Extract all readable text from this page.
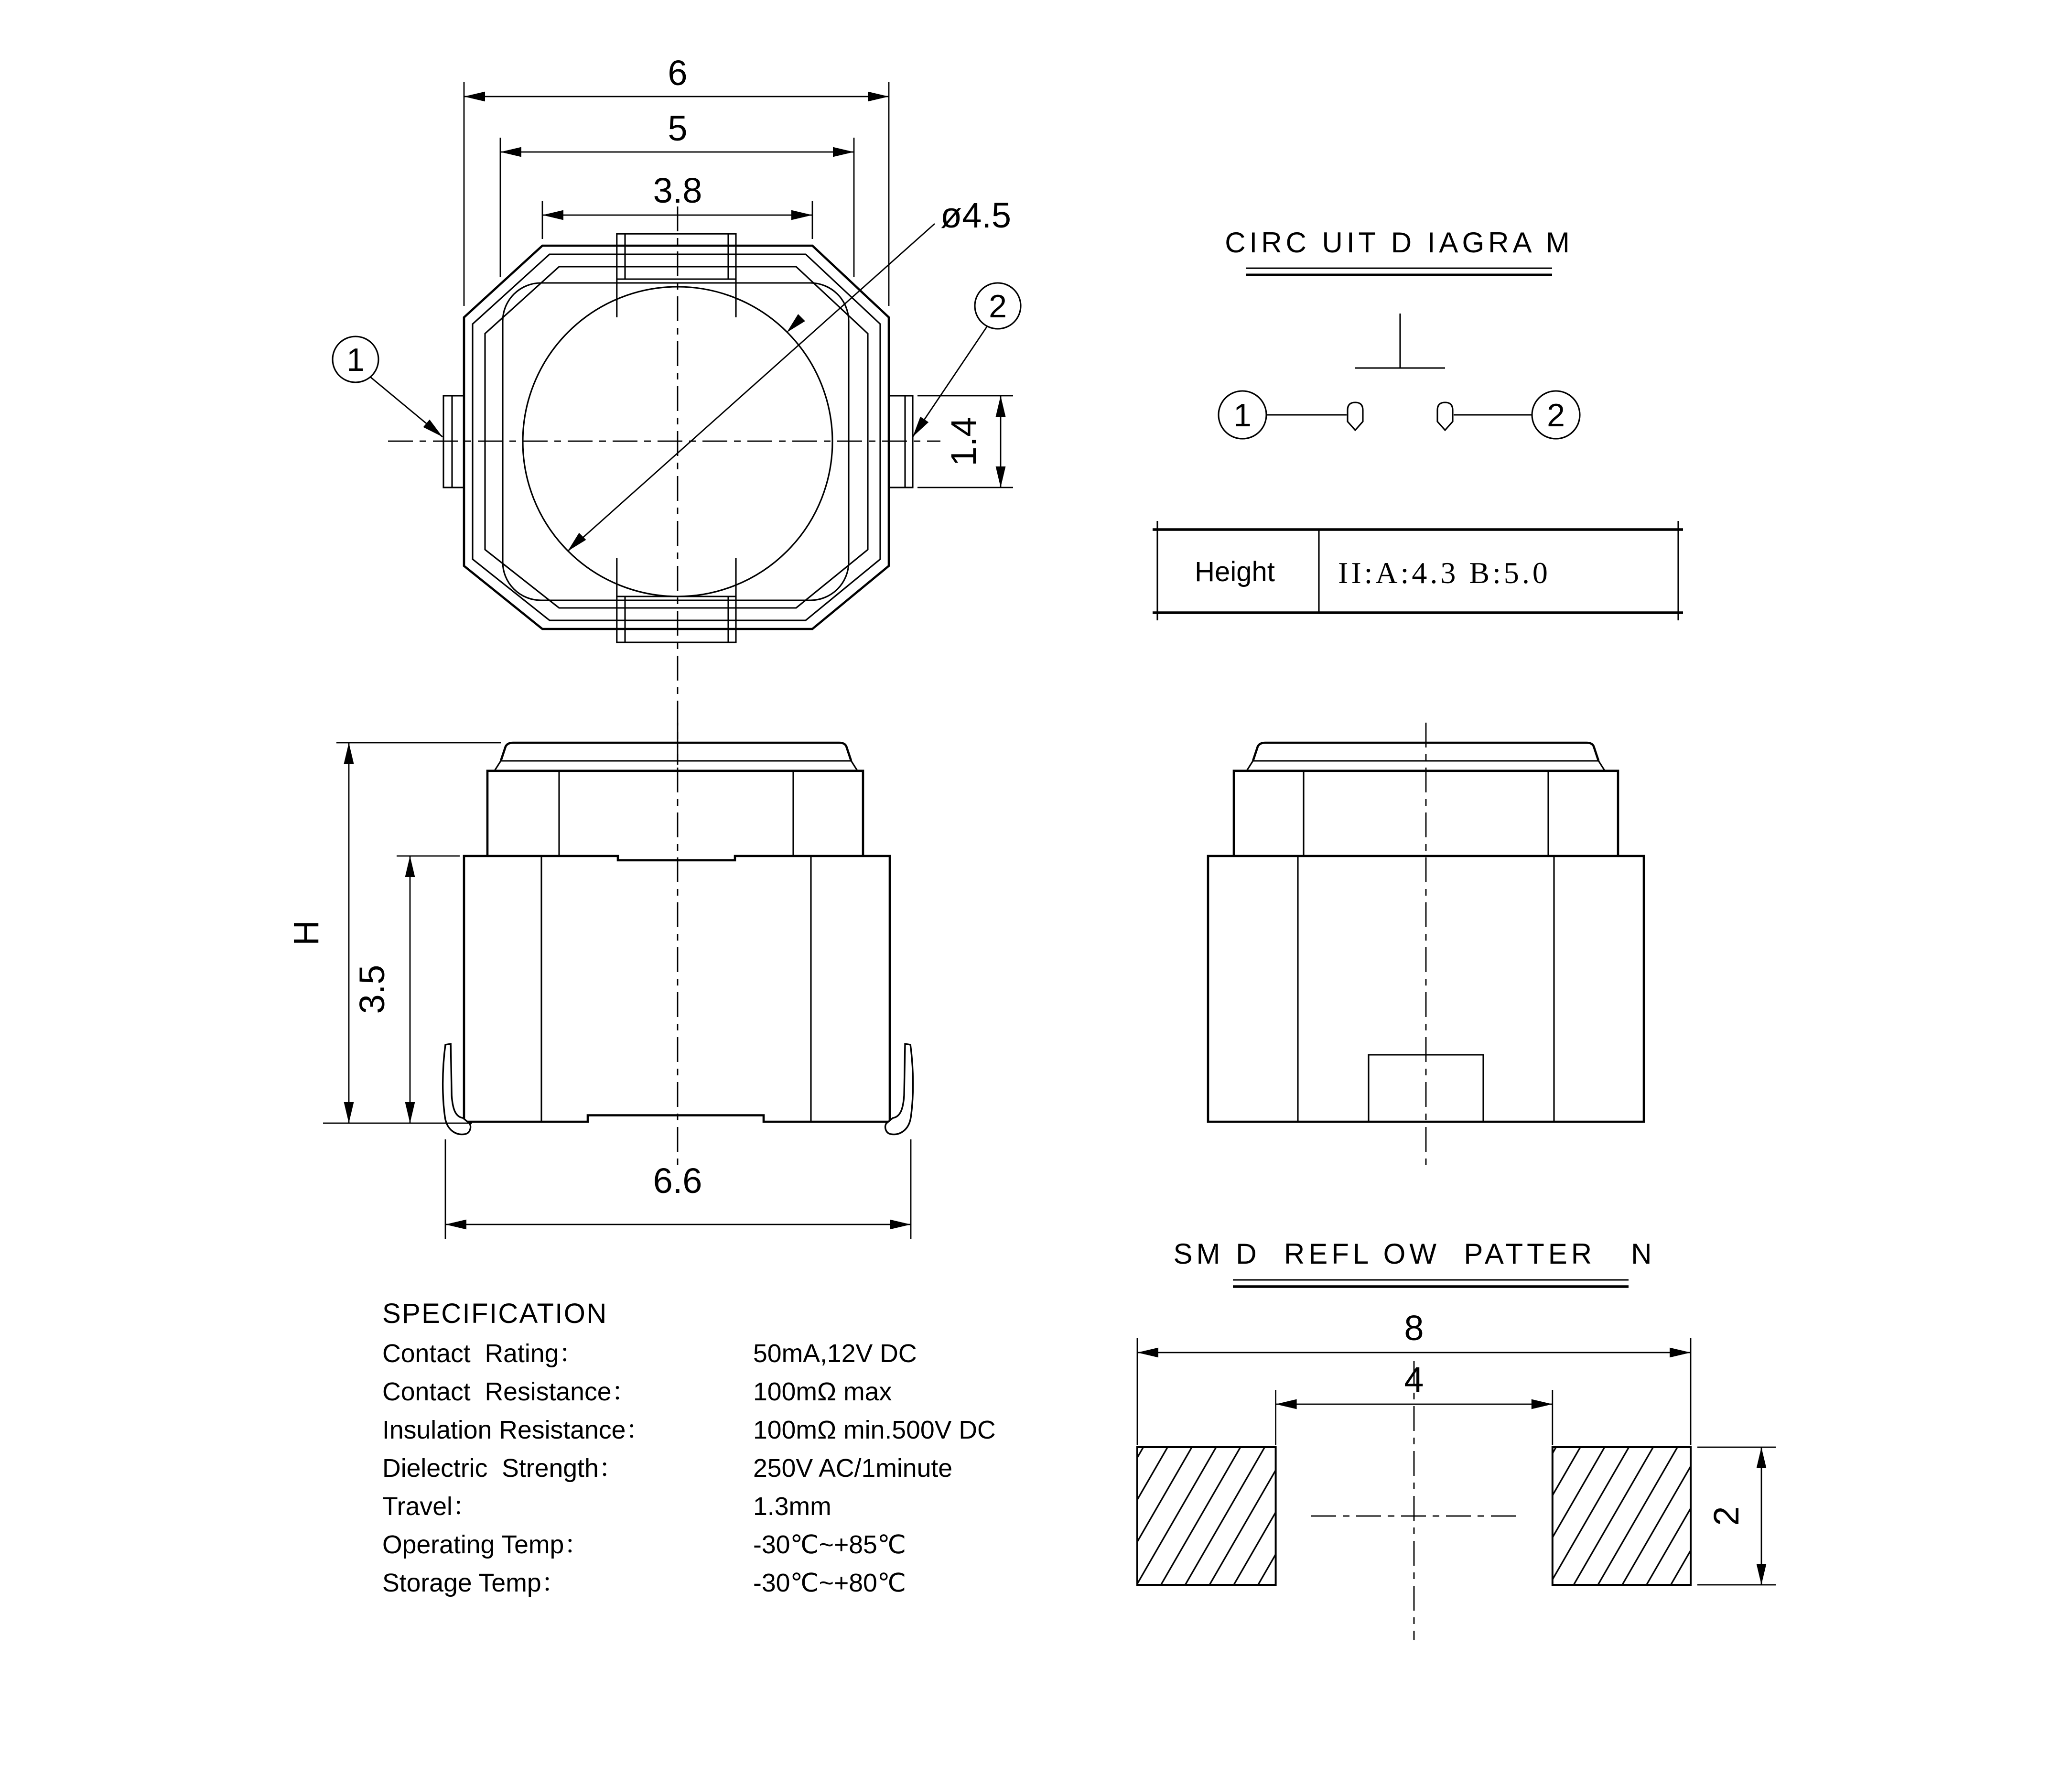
6
5
3.8
ø4.5
1.4
1
2
CIRC UIT D IAGRA M
1	2
Height	II:A:4.3 B:5.0
H
3.5
6.6
SM D  REFL OW  PATTER   N
8
4
2
SPECIFICATION
Contact  Rating：	50mA,12V DC
Contact  Resistance：	100mΩ max
Insulation Resistance：	100mΩ min.500V DC
Dielectric  Strength：	250V AC/1minute
Travel：	1.3mm
Operating Temp：	-30℃~+85℃
Storage Temp：	-30℃~+80℃
